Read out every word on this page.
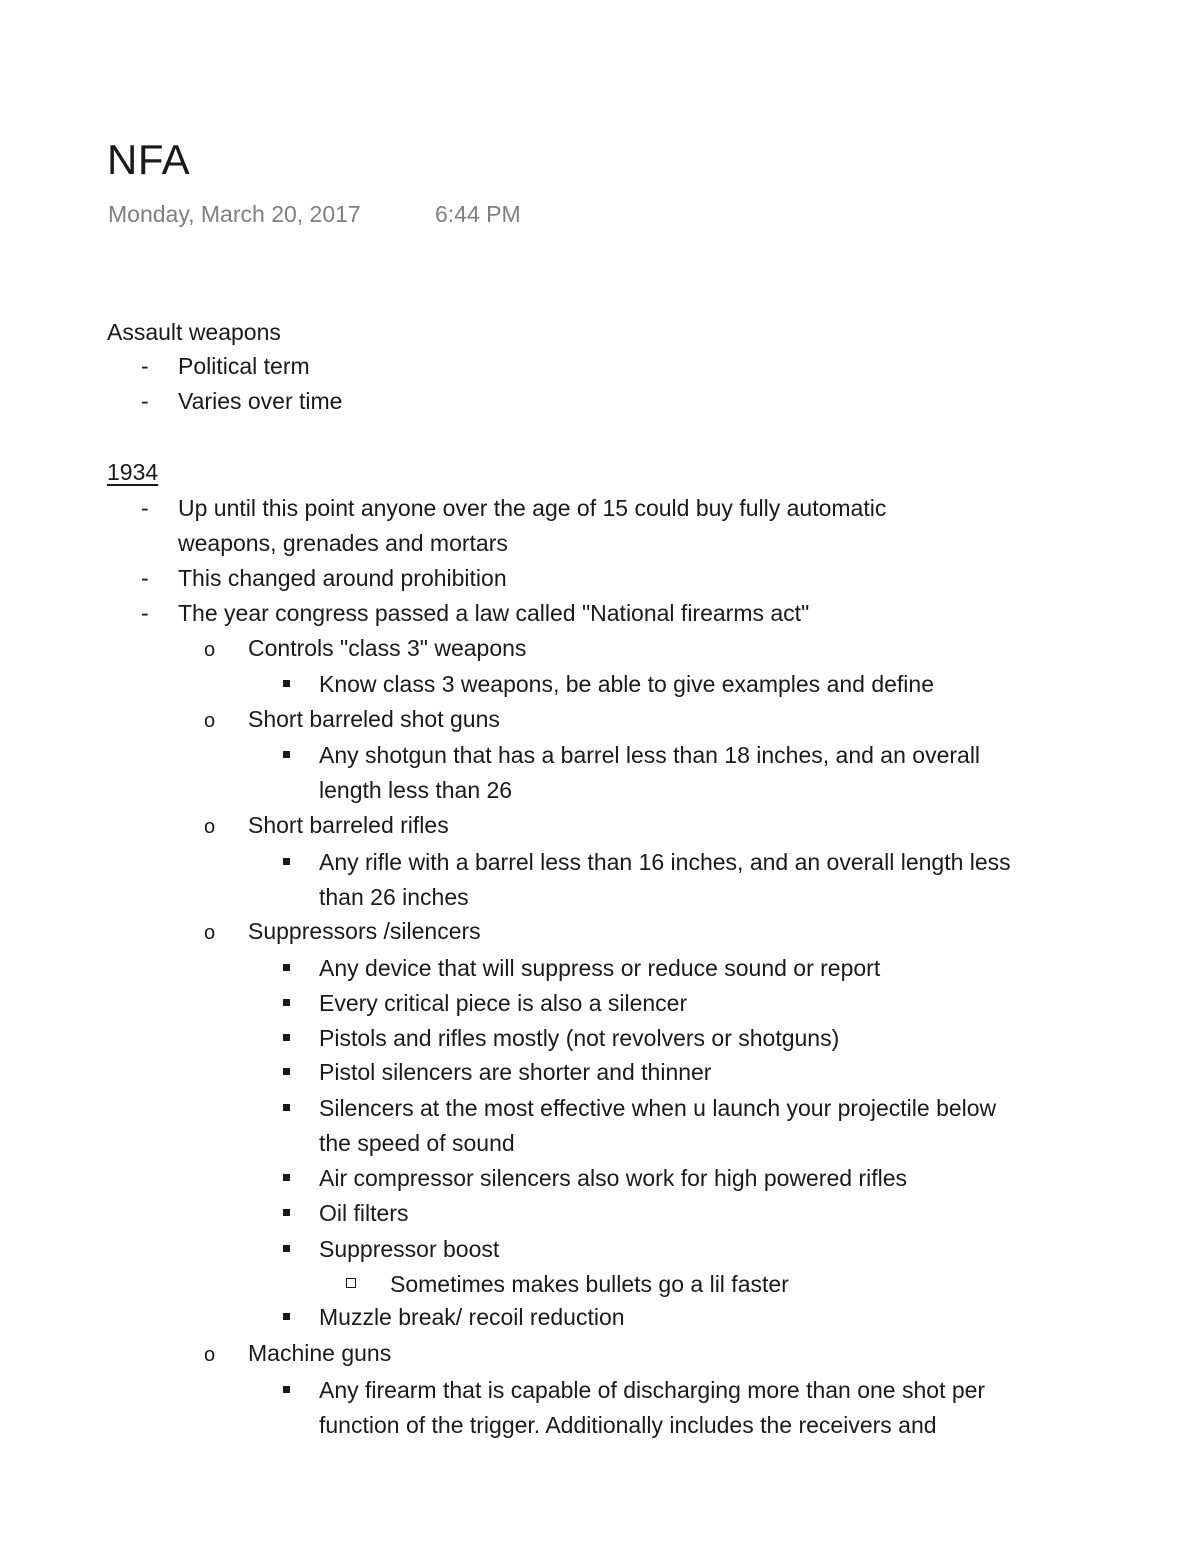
NFA
Monday, March 20, 2017	6:44 PM
Assault weapons
- Political term
- Varies over time
1934
- Up until this point anyone over the age of 15 could buy fully automatic
weapons, grenades and mortars
- This changed around prohibition
- The year congress passed a law called "National firearms act"
o Controls "class 3" weapons
Know class 3 weapons, be able to give examples and define
o Short barreled shot guns
Any shotgun that has a barrel less than 18 inches, and an overall
length less than 26
o Short barreled rifles
Any rifle with a barrel less than 16 inches, and an overall length less
than 26 inches
o Suppressors /silencers
Any device that will suppress or reduce sound or report
Every critical piece is also a silencer
Pistols and rifles mostly (not revolvers or shotguns)
Pistol silencers are shorter and thinner
Silencers at the most effective when u launch your projectile below
the speed of sound
Air compressor silencers also work for high powered rifles
Oil filters
Suppressor boost
Sometimes makes bullets go a lil faster
Muzzle break/ recoil reduction
o Machine guns
Any firearm that is capable of discharging more than one shot per
function of the trigger. Additionally includes the receivers and
